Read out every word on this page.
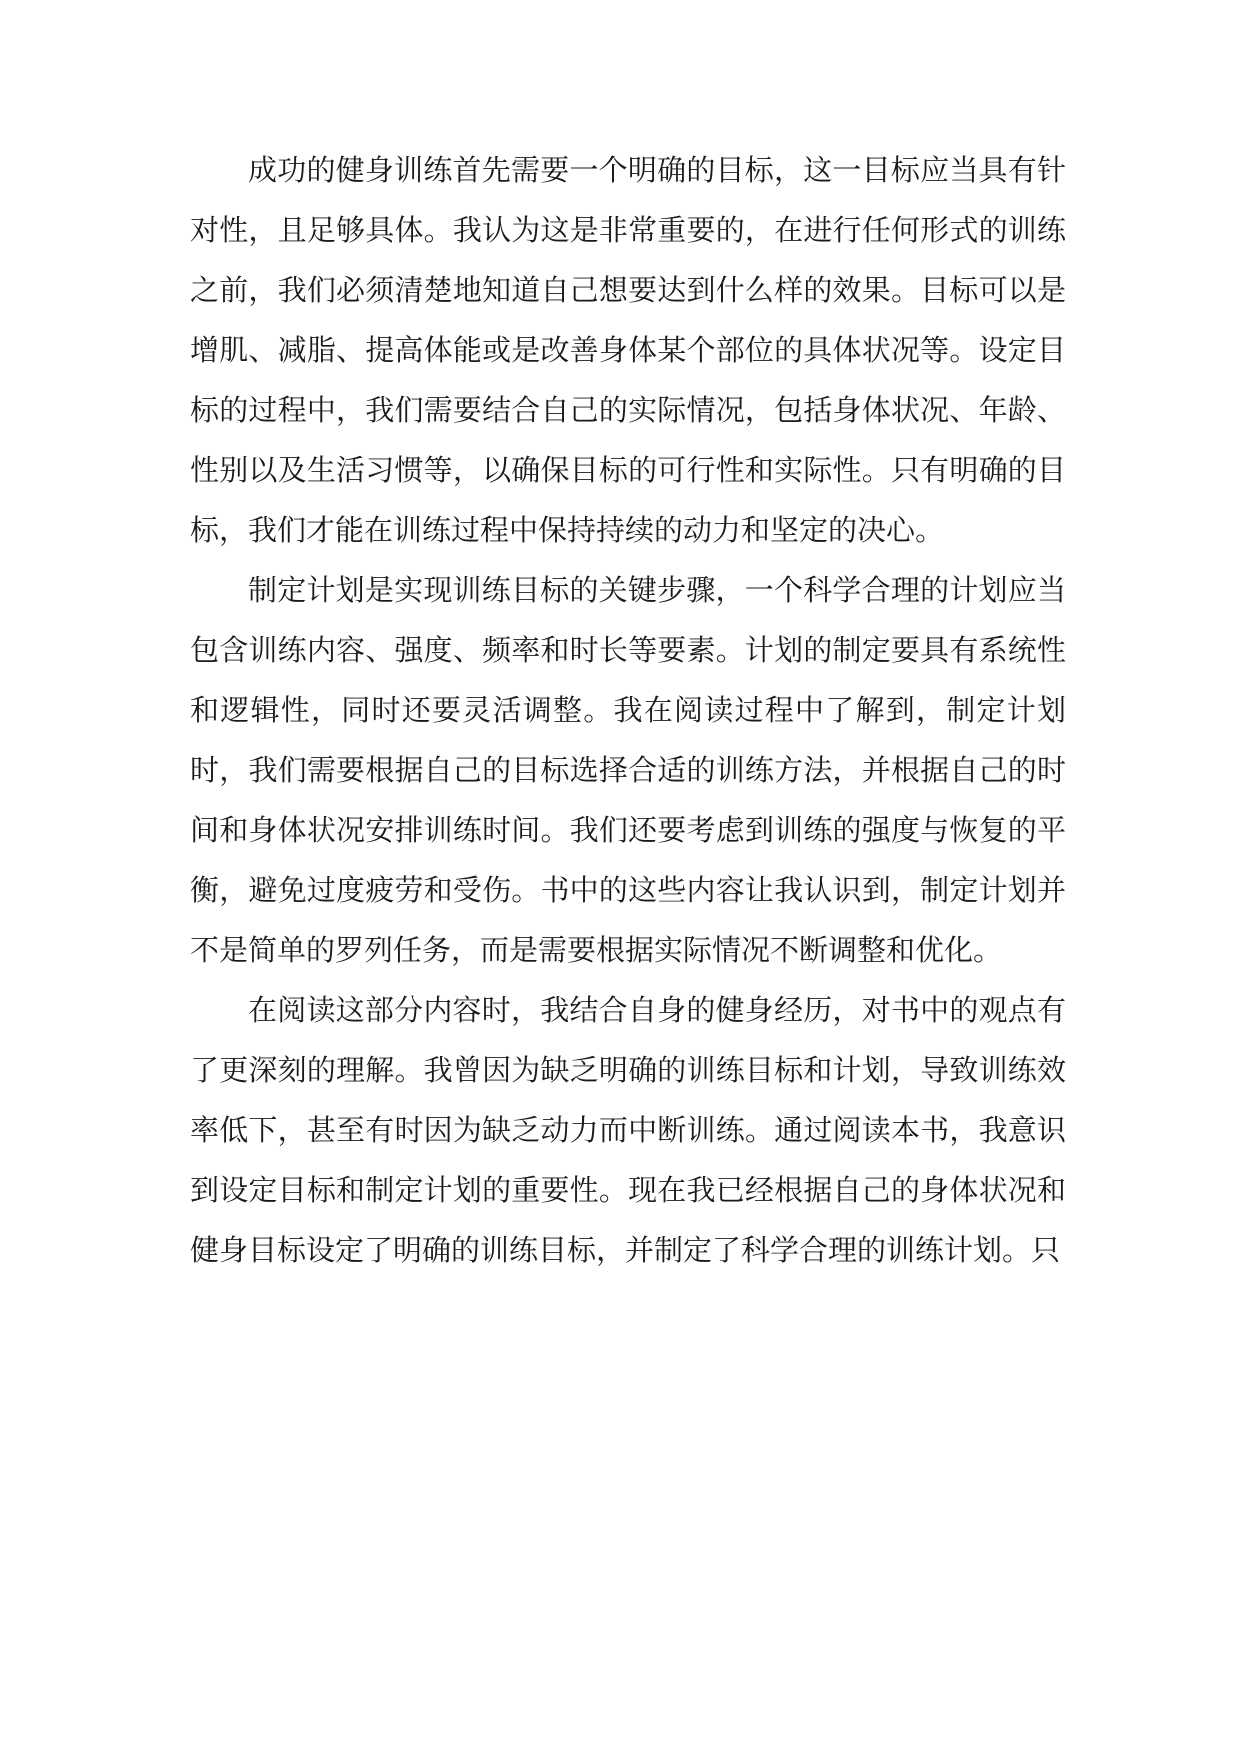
成功的健身训练首先需要一个明确的目标，这一目标应当具有针对性，且足够具体。我认为这是非常重要的，在进行任何形式的训练之前，我们必须清楚地知道自己想要达到什么样的效果。目标可以是增肌、减脂、提高体能或是改善身体某个部位的具体状况等。设定目标的过程中，我们需要结合自己的实际情况，包括身体状况、年龄、性别以及生活习惯等，以确保目标的可行性和实际性。只有明确的目标，我们才能在训练过程中保持持续的动力和坚定的决心。

制定计划是实现训练目标的关键步骤，一个科学合理的计划应当包含训练内容、强度、频率和时长等要素。计划的制定要具有系统性和逻辑性，同时还要灵活调整。我在阅读过程中了解到，制定计划时，我们需要根据自己的目标选择合适的训练方法，并根据自己的时间和身体状况安排训练时间。我们还要考虑到训练的强度与恢复的平衡，避免过度疲劳和受伤。书中的这些内容让我认识到，制定计划并不是简单的罗列任务，而是需要根据实际情况不断调整和优化。

在阅读这部分内容时，我结合自身的健身经历，对书中的观点有了更深刻的理解。我曾因为缺乏明确的训练目标和计划，导致训练效率低下，甚至有时因为缺乏动力而中断训练。通过阅读本书，我意识到设定目标和制定计划的重要性。现在我已经根据自己的身体状况和健身目标设定了明确的训练目标，并制定了科学合理的训练计划。只
